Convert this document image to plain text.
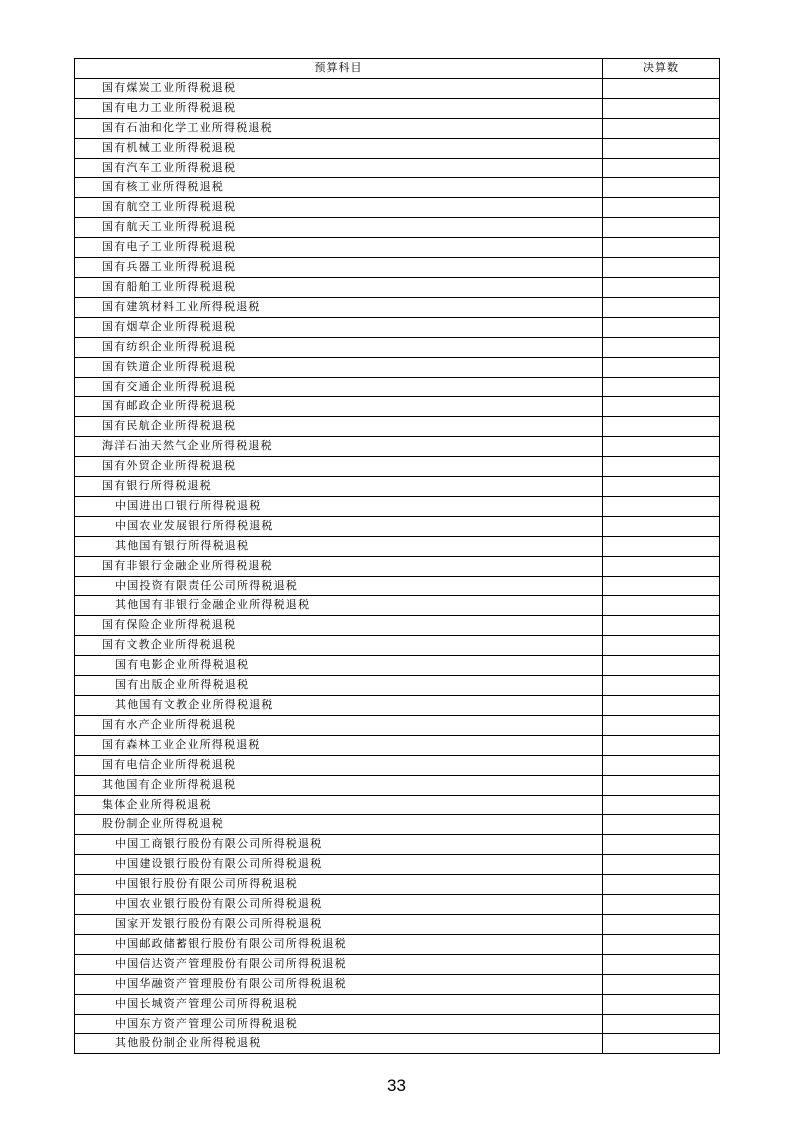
预算科目	决算数
国有煤炭工业所得税退税	
国有电力工业所得税退税	
国有石油和化学工业所得税退税	
国有机械工业所得税退税	
国有汽车工业所得税退税	
国有核工业所得税退税	
国有航空工业所得税退税	
国有航天工业所得税退税	
国有电子工业所得税退税	
国有兵器工业所得税退税	
国有船舶工业所得税退税	
国有建筑材料工业所得税退税	
国有烟草企业所得税退税	
国有纺织企业所得税退税	
国有铁道企业所得税退税	
国有交通企业所得税退税	
国有邮政企业所得税退税	
国有民航企业所得税退税	
海洋石油天然气企业所得税退税	
国有外贸企业所得税退税	
国有银行所得税退税	
中国进出口银行所得税退税	
中国农业发展银行所得税退税	
其他国有银行所得税退税	
国有非银行金融企业所得税退税	
中国投资有限责任公司所得税退税	
其他国有非银行金融企业所得税退税	
国有保险企业所得税退税	
国有文教企业所得税退税	
国有电影企业所得税退税	
国有出版企业所得税退税	
其他国有文教企业所得税退税	
国有水产企业所得税退税	
国有森林工业企业所得税退税	
国有电信企业所得税退税	
其他国有企业所得税退税	
集体企业所得税退税	
股份制企业所得税退税	
中国工商银行股份有限公司所得税退税	
中国建设银行股份有限公司所得税退税	
中国银行股份有限公司所得税退税	
中国农业银行股份有限公司所得税退税	
国家开发银行股份有限公司所得税退税	
中国邮政储蓄银行股份有限公司所得税退税	
中国信达资产管理股份有限公司所得税退税	
中国华融资产管理股份有限公司所得税退税	
中国长城资产管理公司所得税退税	
中国东方资产管理公司所得税退税	
其他股份制企业所得税退税	
33
